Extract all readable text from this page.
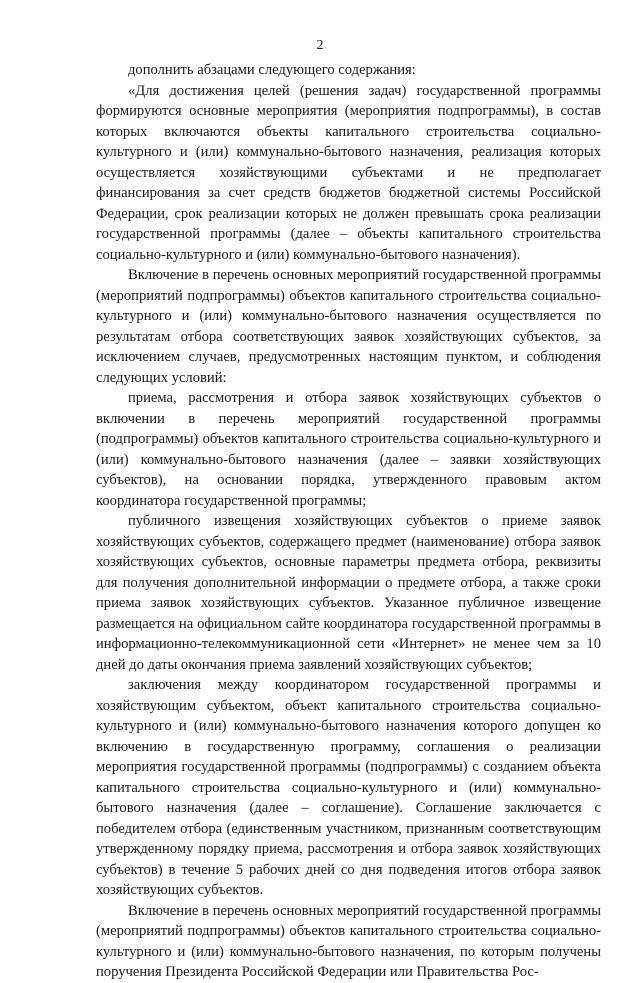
2

дополнить абзацами следующего содержания:

«Для достижения целей (решения задач) государственной программы формируются основные мероприятия (мероприятия подпрограммы), в состав которых включаются объекты капитального строительства социально-культурного и (или) коммунально-бытового назначения, реализация которых осуществляется хозяйствующими субъектами и не предполагает финансирования за счет средств бюджетов бюджетной системы Российской Федерации, срок реализации которых не должен превышать срока реализации государственной программы (далее – объекты капитального строительства социально-культурного и (или) коммунально-бытового назначения).

Включение в перечень основных мероприятий государственной программы (мероприятий подпрограммы) объектов капитального строительства социально-культурного и (или) коммунально-бытового назначения осуществляется по результатам отбора соответствующих заявок хозяйствующих субъектов, за исключением случаев, предусмотренных настоящим пунктом, и соблюдения следующих условий:

приема, рассмотрения и отбора заявок хозяйствующих субъектов о включении в перечень мероприятий государственной программы (подпрограммы) объектов капитального строительства социально-культурного и (или) коммунально-бытового назначения (далее – заявки хозяйствующих субъектов), на основании порядка, утвержденного правовым актом координатора государственной программы;

публичного извещения хозяйствующих субъектов о приеме заявок хозяйствующих субъектов, содержащего предмет (наименование) отбора заявок хозяйствующих субъектов, основные параметры предмета отбора, реквизиты для получения дополнительной информации о предмете отбора, а также сроки приема заявок хозяйствующих субъектов. Указанное публичное извещение размещается на официальном сайте координатора государственной программы в информационно-телекоммуникационной сети «Интернет» не менее чем за 10 дней до даты окончания приема заявлений хозяйствующих субъектов;

заключения между координатором государственной программы и хозяйствующим субъектом, объект капитального строительства социально-культурного и (или) коммунально-бытового назначения которого допущен ко включению в государственную программу, соглашения о реализации мероприятия государственной программы (подпрограммы) с созданием объекта капитального строительства социально-культурного и (или) коммунально-бытового назначения (далее – соглашение). Соглашение заключается с победителем отбора (единственным участником, признанным соответствующим утвержденному порядку приема, рассмотрения и отбора заявок хозяйствующих субъектов) в течение 5 рабочих дней со дня подведения итогов отбора заявок хозяйствующих субъектов.

Включение в перечень основных мероприятий государственной программы (мероприятий подпрограммы) объектов капитального строительства социально-культурного и (или) коммунально-бытового назначения, по которым получены поручения Президента Российской Федерации или Правительства Рос-
